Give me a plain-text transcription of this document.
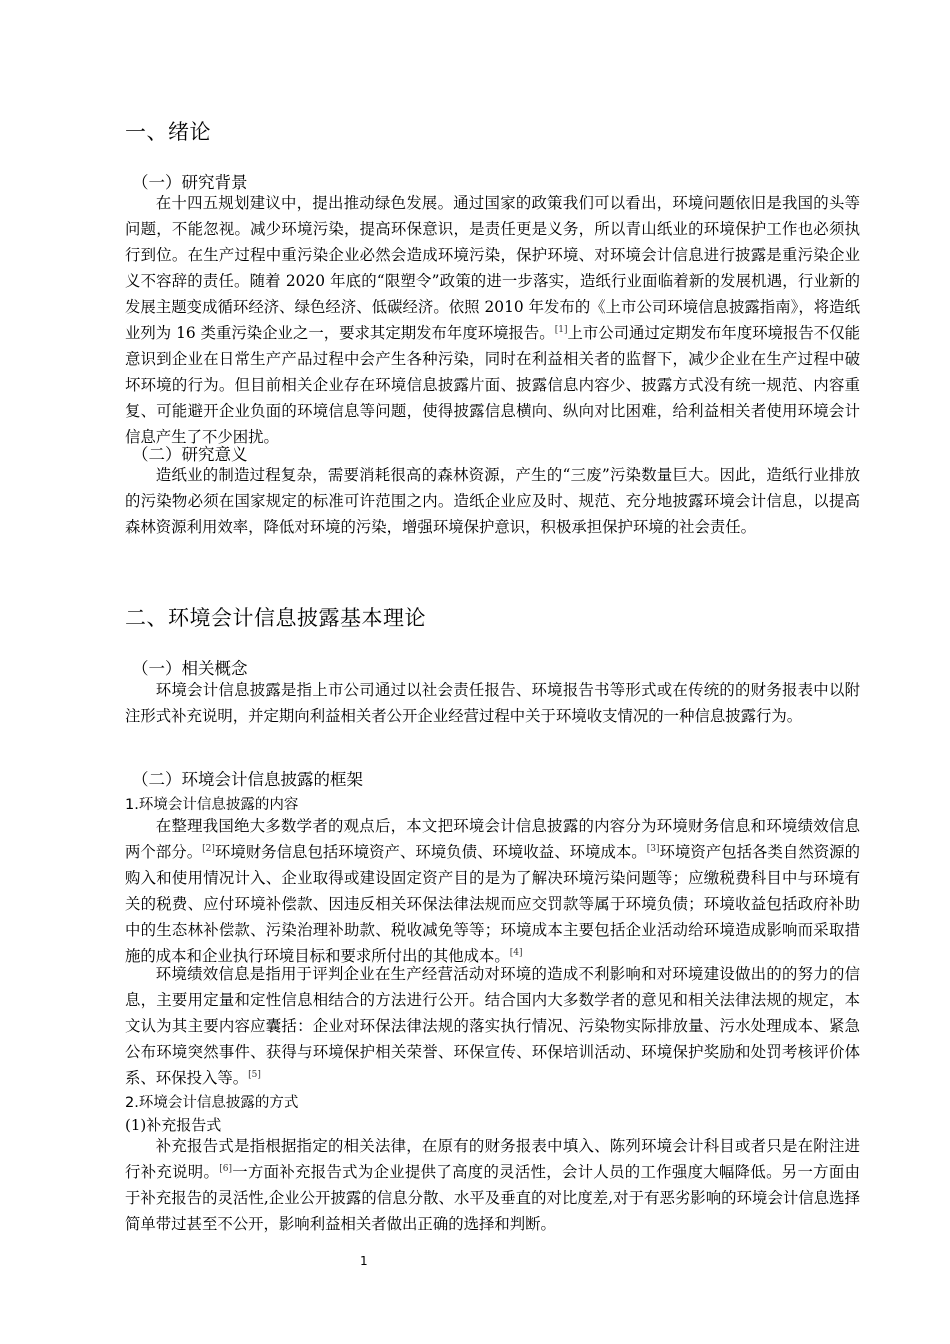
一、绪论
（一）研究背景

在十四五规划建议中，提出推动绿色发展。通过国家的政策我们可以看出，环境问题依旧是我国的头等问题，不能忽视。减少环境污染，提高环保意识，是责任更是义务，所以青山纸业的环境保护工作也必须执行到位。在生产过程中重污染企业必然会造成环境污染，保护环境、对环境会计信息进行披露是重污染企业义不容辞的责任。随着 2020 年底的“限塑令”政策的进一步落实，造纸行业面临着新的发展机遇，行业新的发展主题变成循环经济、绿色经济、低碳经济。依照 2010 年发布的《上市公司环境信息披露指南》，将造纸业列为 16 类重污染企业之一，要求其定期发布年度环境报告。[1]上市公司通过定期发布年度环境报告不仅能意识到企业在日常生产产品过程中会产生各种污染，同时在利益相关者的监督下，减少企业在生产过程中破坏环境的行为。但目前相关企业存在环境信息披露片面、披露信息内容少、披露方式没有统一规范、内容重复、可能避开企业负面的环境信息等问题，使得披露信息横向、纵向对比困难，给利益相关者使用环境会计信息产生了不少困扰。

（二）研究意义

造纸业的制造过程复杂，需要消耗很高的森林资源，产生的“三废”污染数量巨大。因此，造纸行业排放的污染物必须在国家规定的标准可许范围之内。造纸企业应及时、规范、充分地披露环境会计信息，以提高森林资源利用效率，降低对环境的污染，增强环境保护意识，积极承担保护环境的社会责任。

二、环境会计信息披露基本理论
（一）相关概念

环境会计信息披露是指上市公司通过以社会责任报告、环境报告书等形式或在传统的的财务报表中以附注形式补充说明，并定期向利益相关者公开企业经营过程中关于环境收支情况的一种信息披露行为。

（二）环境会计信息披露的框架
1.环境会计信息披露的内容

在整理我国绝大多数学者的观点后，本文把环境会计信息披露的内容分为环境财务信息和环境绩效信息两个部分。[2]环境财务信息包括环境资产、环境负债、环境收益、环境成本。[3]环境资产包括各类自然资源的购入和使用情况计入、企业取得或建设固定资产目的是为了解决环境污染问题等；应缴税费科目中与环境有关的税费、应付环境补偿款、因违反相关环保法律法规而应交罚款等属于环境负债；环境收益包括政府补助中的生态林补偿款、污染治理补助款、税收减免等等；环境成本主要包括企业活动给环境造成影响而采取措施的成本和企业执行环境目标和要求所付出的其他成本。[4]

环境绩效信息是指用于评判企业在生产经营活动对环境的造成不利影响和对环境建设做出的的努力的信息，主要用定量和定性信息相结合的方法进行公开。结合国内大多数学者的意见和相关法律法规的规定，本文认为其主要内容应囊括：企业对环保法律法规的落实执行情况、污染物实际排放量、污水处理成本、紧急公布环境突然事件、获得与环境保护相关荣誉、环保宣传、环保培训活动、环境保护奖励和处罚考核评价体系、环保投入等。[5]

2.环境会计信息披露的方式
(1)补充报告式

补充报告式是指根据指定的相关法律，在原有的财务报表中填入、陈列环境会计科目或者只是在附注进行补充说明。[6]一方面补充报告式为企业提供了高度的灵活性，会计人员的工作强度大幅降低。另一方面由于补充报告的灵活性,企业公开披露的信息分散、水平及垂直的对比度差,对于有恶劣影响的环境会计信息选择简单带过甚至不公开，影响利益相关者做出正确的选择和判断。

1
